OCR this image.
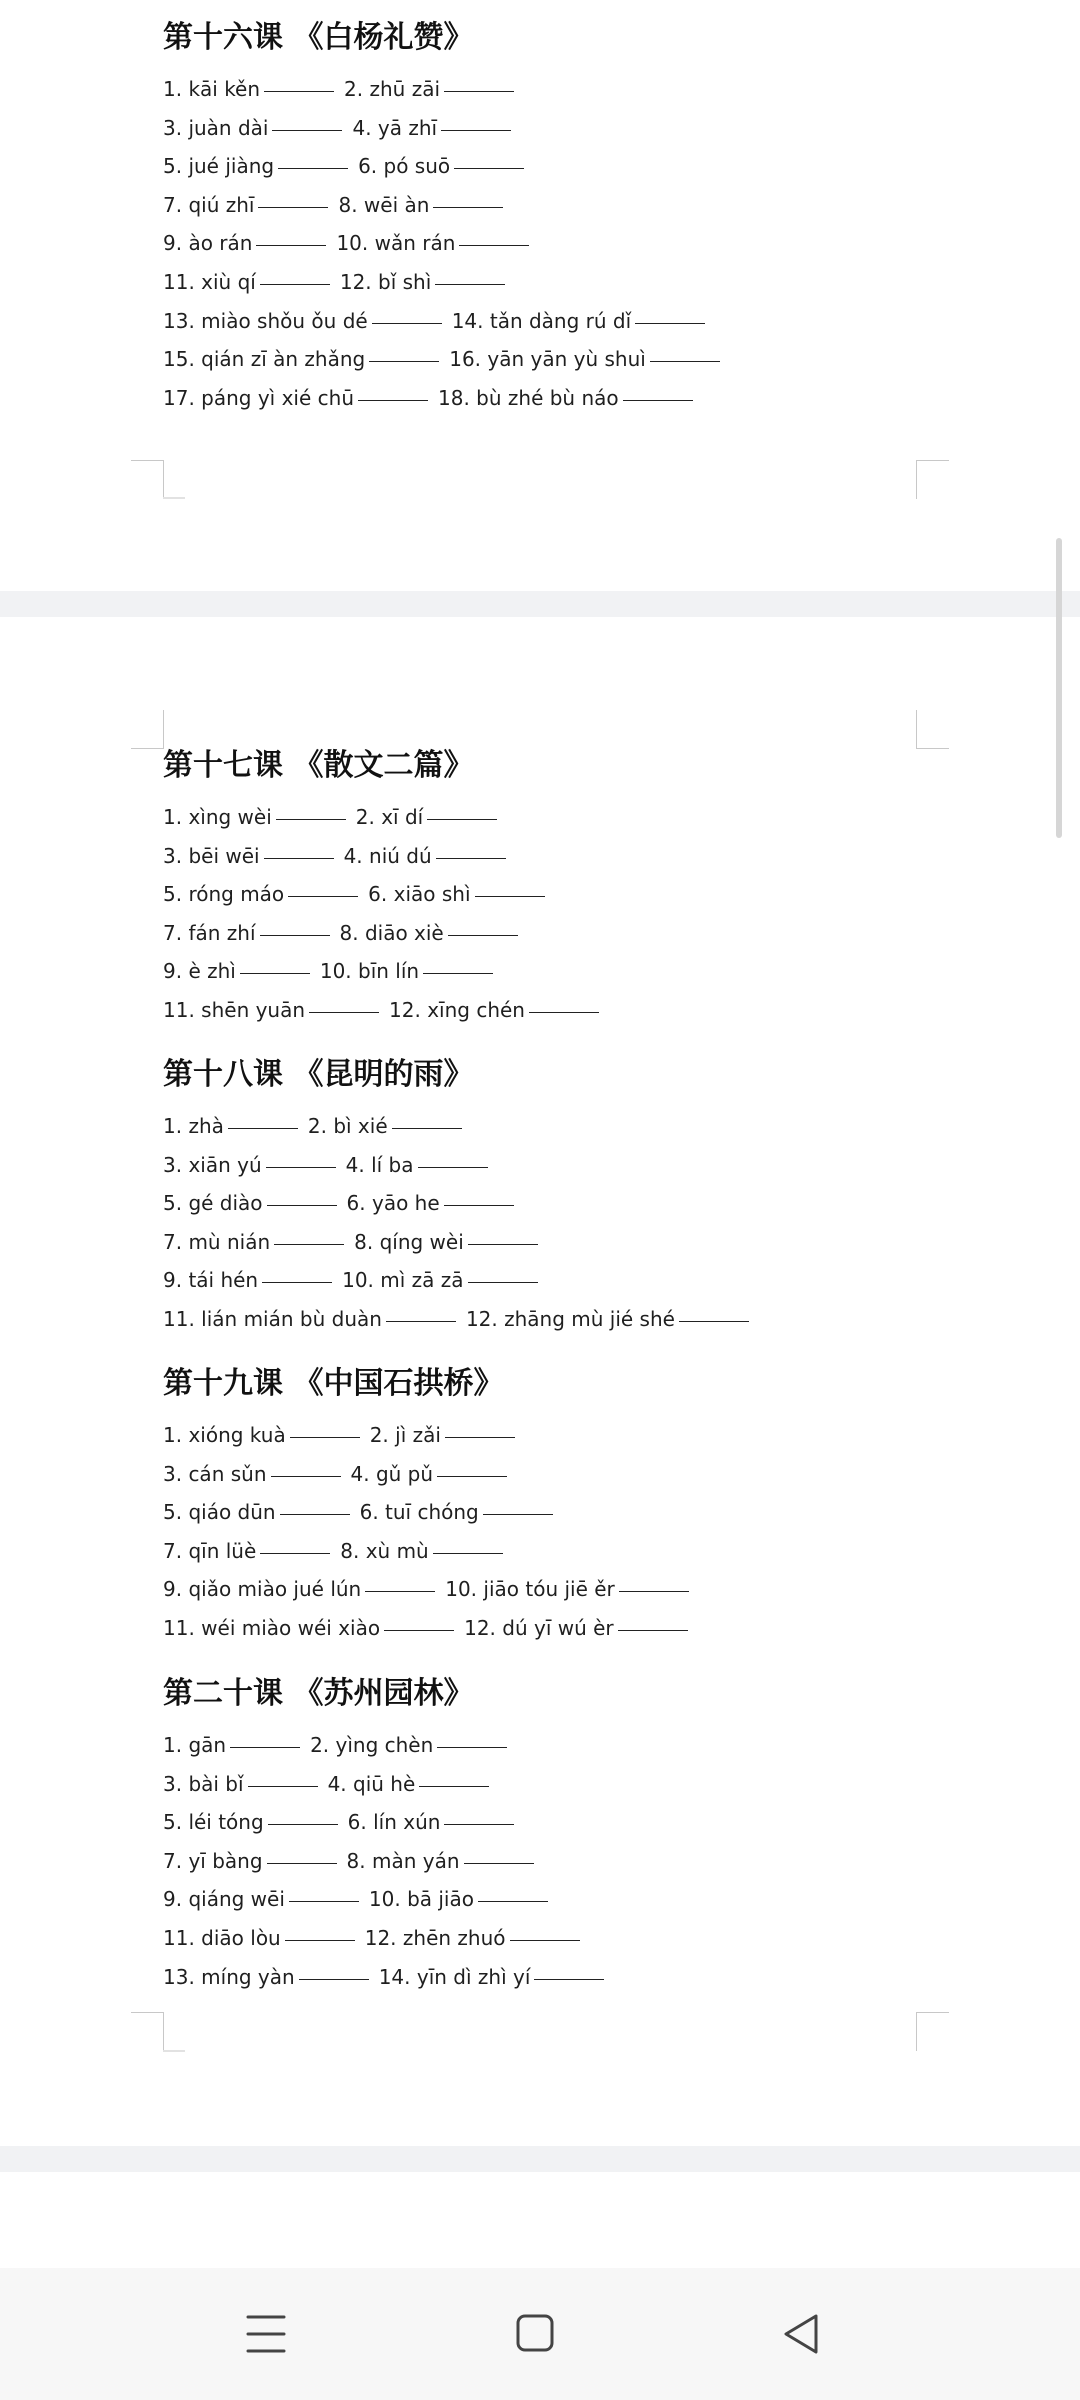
第十六课 《白杨礼赞》
1. kāi kěn	2. zhū zāi
3. juàn dài	4. yā zhī
5. jué jiàng	6. pó suō
7. qiú zhī	8. wēi àn
9. ào rán	10. wǎn rán
11. xiù qí	12. bǐ shì
13. miào shǒu ǒu dé	14. tǎn dàng rú dǐ
15. qián zī àn zhǎng	16. yān yān yù shuì
17. páng yì xié chū	18. bù zhé bù náo
第十七课 《散文二篇》
1. xìng wèi	2. xī dí
3. bēi wēi	4. niú dú
5. róng máo	6. xiāo shì
7. fán zhí	8. diāo xiè
9. è zhì	10. bīn lín
11. shēn yuān	12. xīng chén
第十八课 《昆明的雨》
1. zhà	2. bì xié
3. xiān yú	4. lí ba
5. gé diào	6. yāo he
7. mù nián	8. qíng wèi
9. tái hén	10. mì zā zā
11. lián mián bù duàn	12. zhāng mù jié shé
第十九课 《中国石拱桥》
1. xióng kuà	2. jì zǎi
3. cán sǔn	4. gǔ pǔ
5. qiáo dūn	6. tuī chóng
7. qīn lüè	8. xù mù
9. qiǎo miào jué lún	10. jiāo tóu jiē ěr
11. wéi miào wéi xiào	12. dú yī wú èr
第二十课 《苏州园林》
1. gān	2. yìng chèn
3. bài bǐ	4. qiū hè
5. léi tóng	6. lín xún
7. yī bàng	8. màn yán
9. qiáng wēi	10. bā jiāo
11. diāo lòu	12. zhēn zhuó
13. míng yàn	14. yīn dì zhì yí
